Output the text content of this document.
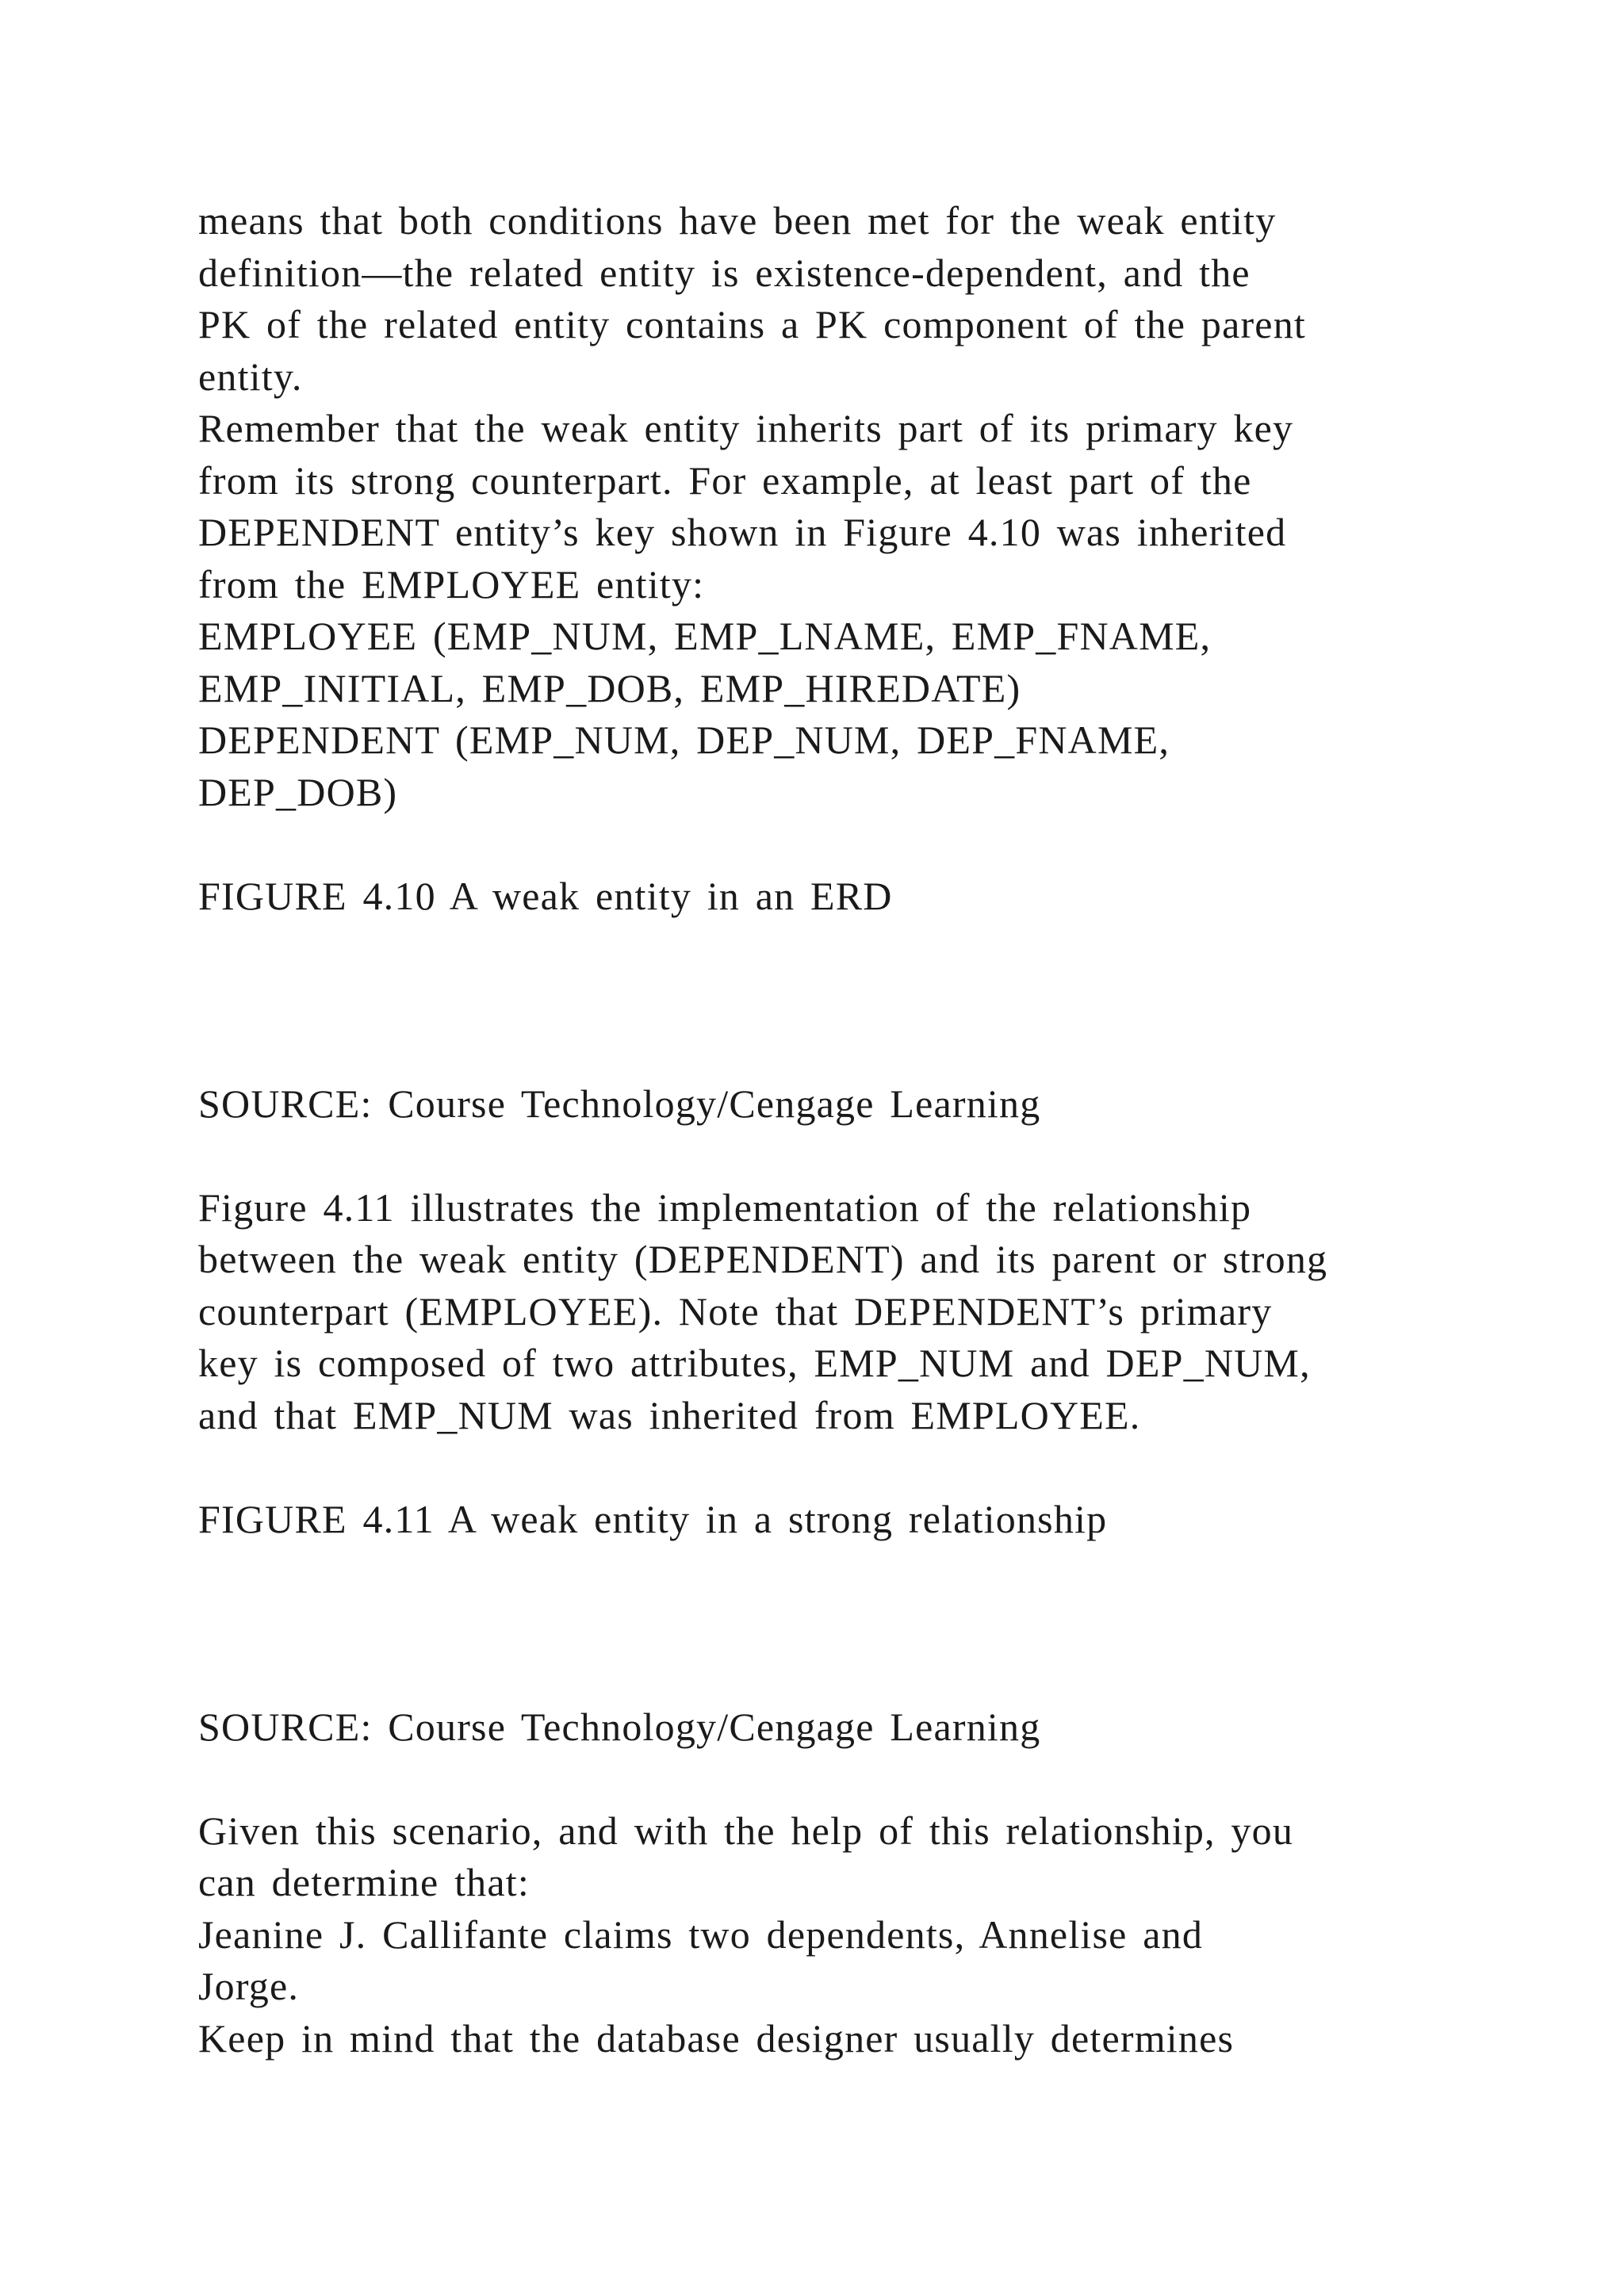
means that both conditions have been met for the weak entity
definition—the related entity is existence-dependent, and the
PK of the related entity contains a PK component of the parent
entity.
Remember that the weak entity inherits part of its primary key
from its strong counterpart. For example, at least part of the
DEPENDENT entity’s key shown in Figure 4.10 was inherited
from the EMPLOYEE entity:
EMPLOYEE (EMP_NUM, EMP_LNAME, EMP_FNAME,
EMP_INITIAL, EMP_DOB, EMP_HIREDATE)
DEPENDENT (EMP_NUM, DEP_NUM, DEP_FNAME,
DEP_DOB)
FIGURE 4.10 A weak entity in an ERD
SOURCE: Course Technology/Cengage Learning
Figure 4.11 illustrates the implementation of the relationship
between the weak entity (DEPENDENT) and its parent or strong
counterpart (EMPLOYEE). Note that DEPENDENT’s primary
key is composed of two attributes, EMP_NUM and DEP_NUM,
and that EMP_NUM was inherited from EMPLOYEE.
FIGURE 4.11 A weak entity in a strong relationship
SOURCE: Course Technology/Cengage Learning
Given this scenario, and with the help of this relationship, you
can determine that:
Jeanine J. Callifante claims two dependents, Annelise and
Jorge.
Keep in mind that the database designer usually determines
